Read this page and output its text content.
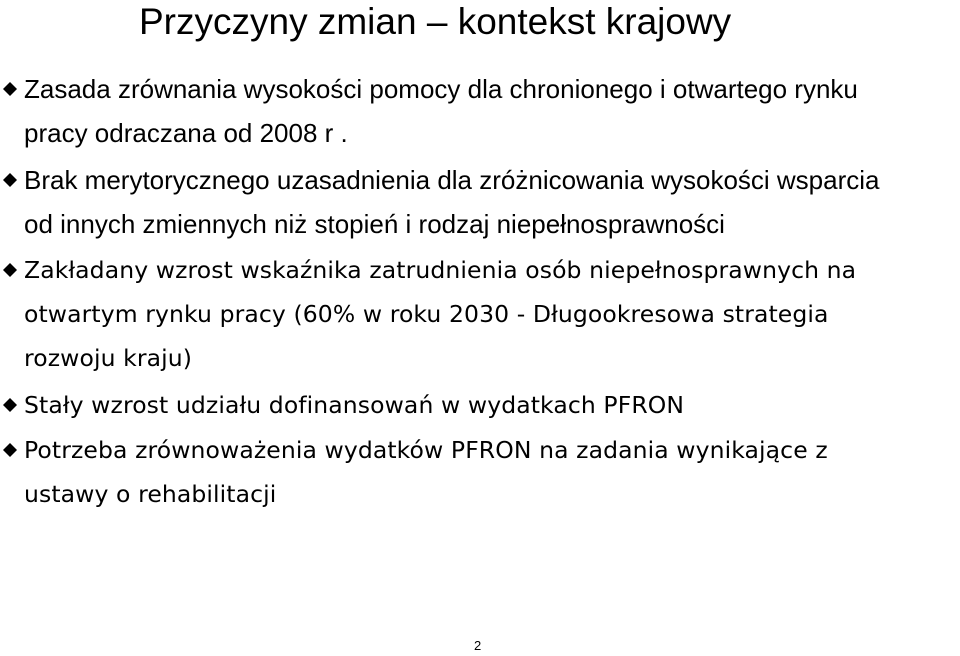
Przyczyny zmian – kontekst krajowy
Zasada zrównania wysokości pomocy dla chronionego i otwartego rynku
pracy odraczana od 2008 r .
Brak merytorycznego uzasadnienia dla zróżnicowania wysokości wsparcia
od innych zmiennych niż stopień i rodzaj niepełnosprawności
Zakładany wzrost wskaźnika zatrudnienia osób niepełnosprawnych na
otwartym rynku pracy (60% w roku 2030 - Długookresowa strategia
rozwoju kraju)
Stały wzrost udziału dofinansowań w wydatkach PFRON
Potrzeba zrównoważenia wydatków PFRON na zadania wynikające z
ustawy o rehabilitacji
2
